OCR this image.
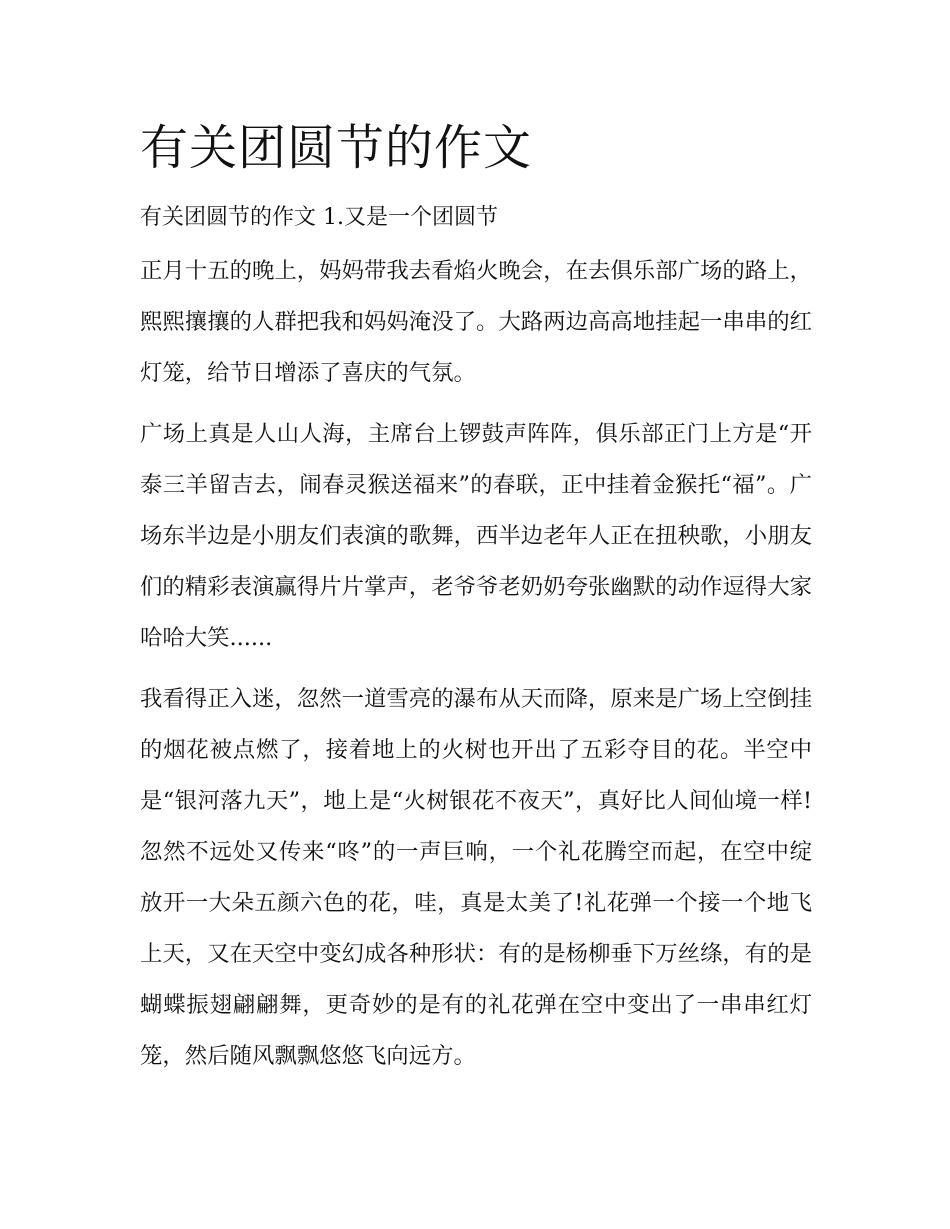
有关团圆节的作文

有关团圆节的作文 1.又是一个团圆节

正月十五的晚上，妈妈带我去看焰火晚会，在去俱乐部广场的路上，熙熙攘攘的人群把我和妈妈淹没了。大路两边高高地挂起一串串的红灯笼，给节日增添了喜庆的气氛。

广场上真是人山人海，主席台上锣鼓声阵阵，俱乐部正门上方是“开泰三羊留吉去，闹春灵猴送福来”的春联，正中挂着金猴托“福”。广场东半边是小朋友们表演的歌舞，西半边老年人正在扭秧歌，小朋友们的精彩表演赢得片片掌声，老爷爷老奶奶夸张幽默的动作逗得大家哈哈大笑......

我看得正入迷，忽然一道雪亮的瀑布从天而降，原来是广场上空倒挂的烟花被点燃了，接着地上的火树也开出了五彩夺目的花。半空中是“银河落九天”，地上是“火树银花不夜天”，真好比人间仙境一样!忽然不远处又传来“咚”的一声巨响，一个礼花腾空而起，在空中绽放开一大朵五颜六色的花，哇，真是太美了!礼花弹一个接一个地飞上天，又在天空中变幻成各种形状：有的是杨柳垂下万丝绦，有的是蝴蝶振翅翩翩舞，更奇妙的是有的礼花弹在空中变出了一串串红灯笼，然后随风飘飘悠悠飞向远方。
